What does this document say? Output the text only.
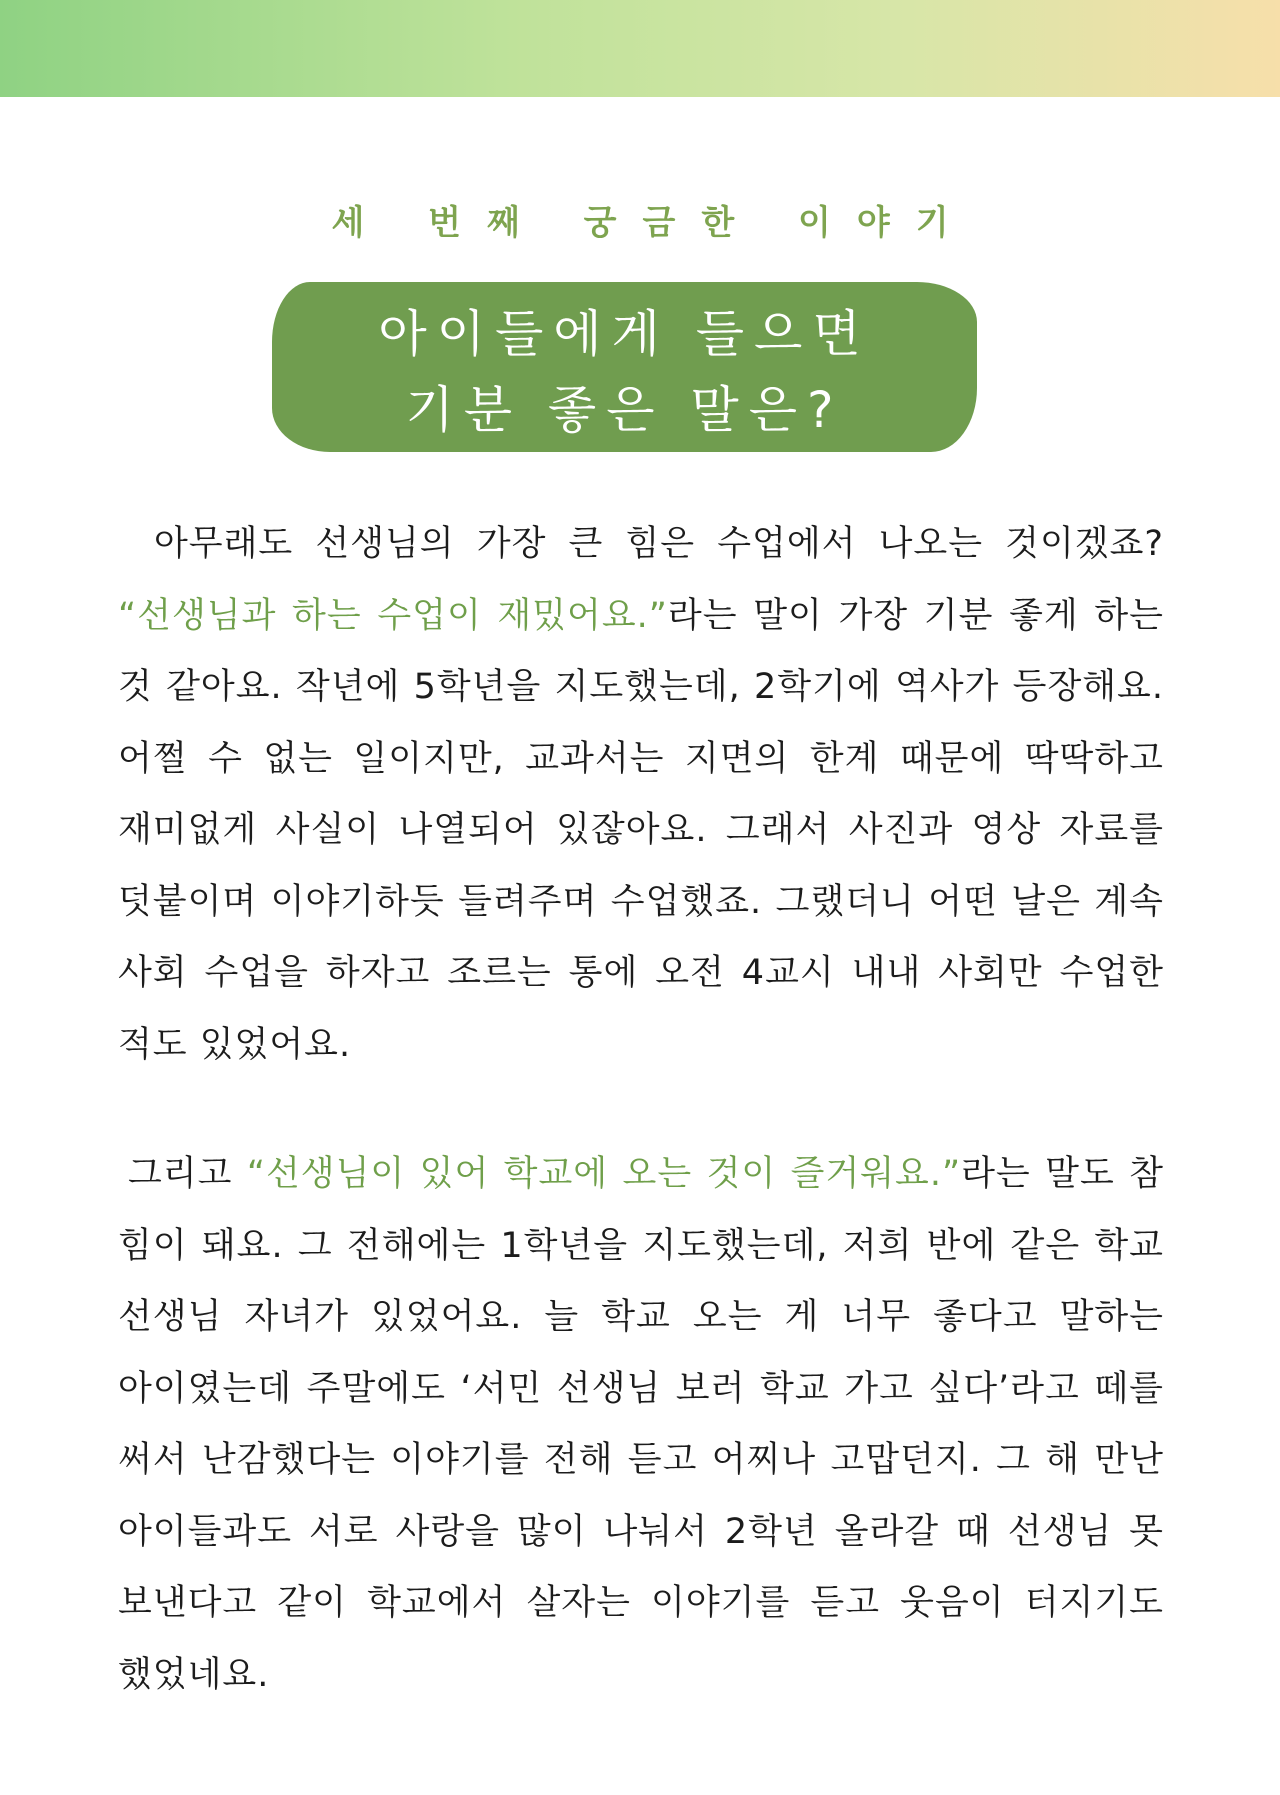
세 번째 궁금한 이야기
아이들에게 들으면
기분 좋은 말은?
아무래도 선생님의 가장 큰 힘은 수업에서 나오는 것이겠죠? “선생님과 하는 수업이 재밌어요.”라는 말이 가장 기분 좋게 하는 것 같아요. 작년에 5학년을 지도했는데, 2학기에 역사가 등장해요. 어쩔 수 없는 일이지만, 교과서는 지면의 한계 때문에 딱딱하고 재미없게 사실이 나열되어 있잖아요. 그래서 사진과 영상 자료를 덧붙이며 이야기하듯 들려주며 수업했죠. 그랬더니 어떤 날은 계속 사회 수업을 하자고 조르는 통에 오전 4교시 내내 사회만 수업한 적도 있었어요.
그리고 “선생님이 있어 학교에 오는 것이 즐거워요.”라는 말도 참 힘이 돼요. 그 전해에는 1학년을 지도했는데, 저희 반에 같은 학교 선생님 자녀가 있었어요. 늘 학교 오는 게 너무 좋다고 말하는 아이였는데 주말에도 ‘서민 선생님 보러 학교 가고 싶다’라고 떼를 써서 난감했다는 이야기를 전해 듣고 어찌나 고맙던지. 그 해 만난 아이들과도 서로 사랑을 많이 나눠서 2학년 올라갈 때 선생님 못 보낸다고 같이 학교에서 살자는 이야기를 듣고 웃음이 터지기도 했었네요.
